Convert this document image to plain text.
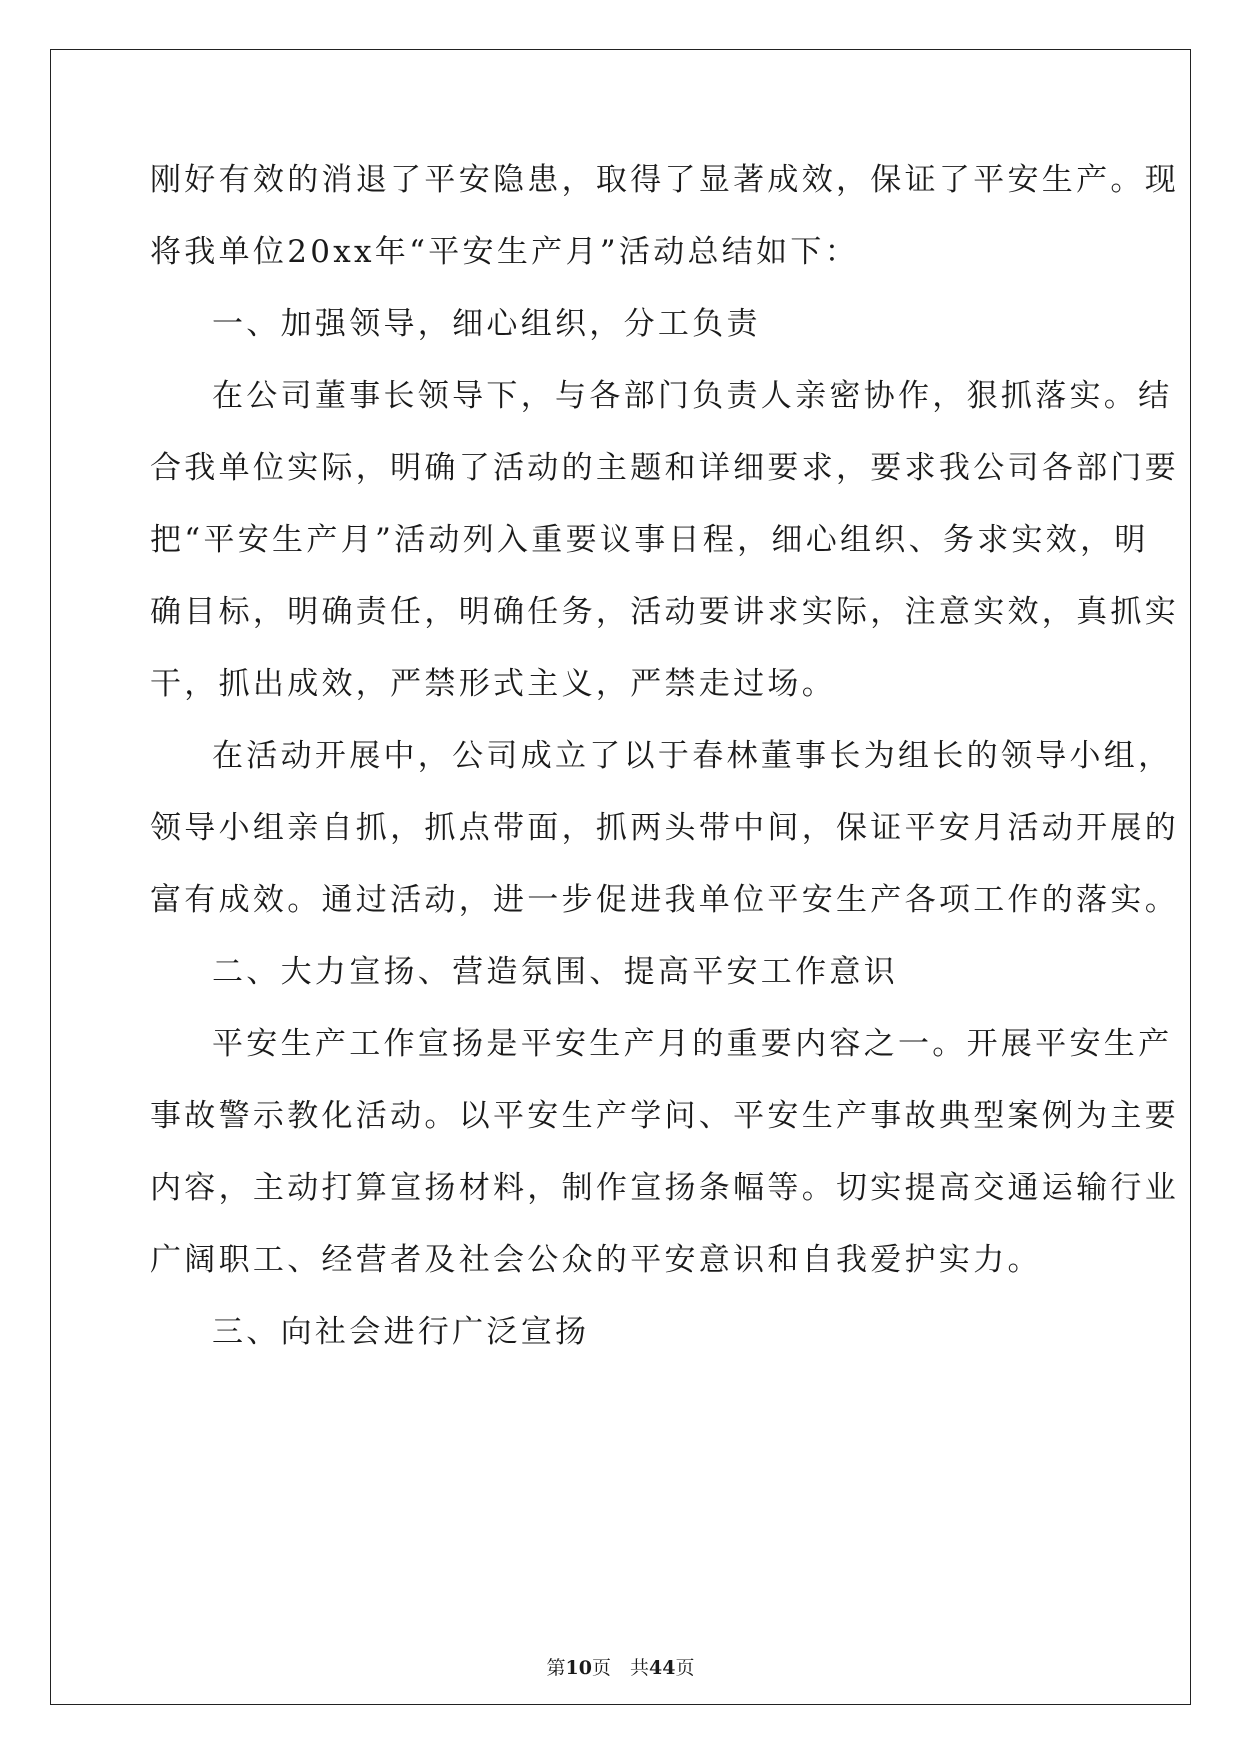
刚好有效的消退了平安隐患，取得了显著成效，保证了平安生产。现
将我单位20xx年“平安生产月”活动总结如下：
一、加强领导，细心组织，分工负责
在公司董事长领导下，与各部门负责人亲密协作，狠抓落实。结
合我单位实际，明确了活动的主题和详细要求，要求我公司各部门要
把“平安生产月”活动列入重要议事日程，细心组织、务求实效，明
确目标，明确责任，明确任务，活动要讲求实际，注意实效，真抓实
干，抓出成效，严禁形式主义，严禁走过场。
在活动开展中，公司成立了以于春林董事长为组长的领导小组，
领导小组亲自抓，抓点带面，抓两头带中间，保证平安月活动开展的
富有成效。通过活动，进一步促进我单位平安生产各项工作的落实。
二、大力宣扬、营造氛围、提高平安工作意识
平安生产工作宣扬是平安生产月的重要内容之一。开展平安生产
事故警示教化活动。以平安生产学问、平安生产事故典型案例为主要
内容，主动打算宣扬材料，制作宣扬条幅等。切实提高交通运输行业
广阔职工、经营者及社会公众的平安意识和自我爱护实力。
三、向社会进行广泛宣扬
第10页　共44页
